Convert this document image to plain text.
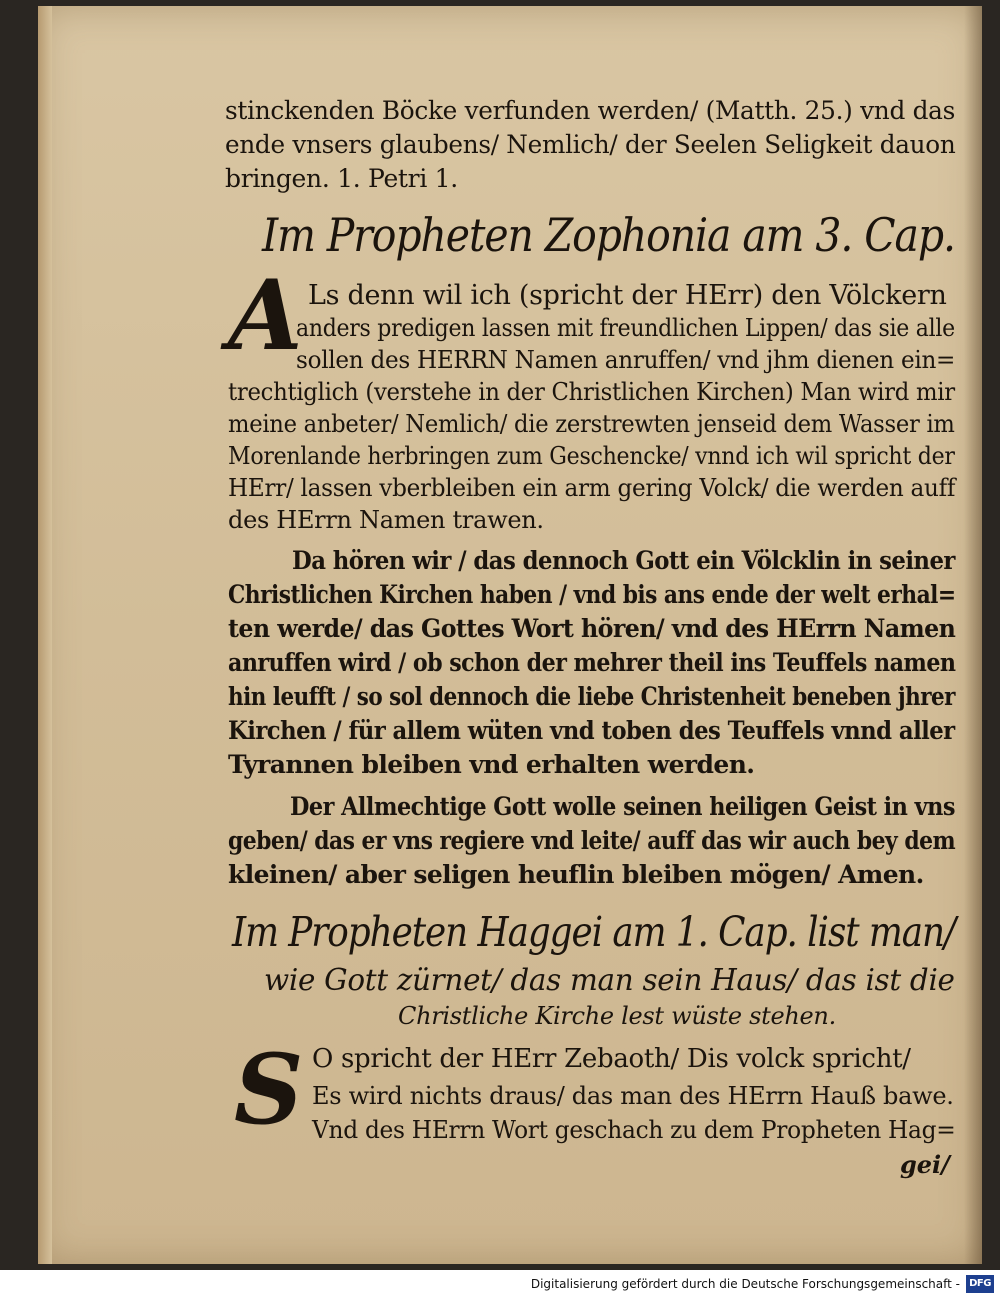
stinckenden Böcke verfunden werden/ (Matth. 25.) vnd das
ende vnsers glaubens/ Nemlich/ der Seelen Seligkeit dauon
bringen. 1. Petri 1.
Im Propheten Zophonia am 3. Cap.
A Ls denn wil ich (spricht der HErr) den Völckern
anders predigen lassen mit freundlichen Lippen/ das sie alle
sollen des HERRN Namen anruffen/ vnd jhm dienen ein=
trechtiglich (verstehe in der Christlichen Kirchen) Man wird mir
meine anbeter/ Nemlich/ die zerstrewten jenseid dem Wasser im
Morenlande herbringen zum Geschencke/ vnnd ich wil spricht der
HErr/ lassen vberbleiben ein arm gering Volck/ die werden auff
des HErrn Namen trawen.
Da hören wir / das dennoch Gott ein Völcklin in seiner
Christlichen Kirchen haben / vnd bis ans ende der welt erhal=
ten werde/ das Gottes Wort hören/ vnd des HErrn Namen
anruffen wird / ob schon der mehrer theil ins Teuffels namen
hin leufft / so sol dennoch die liebe Christenheit beneben jhrer
Kirchen / für allem wüten vnd toben des Teuffels vnnd aller
Tyrannen bleiben vnd erhalten werden.
Der Allmechtige Gott wolle seinen heiligen Geist in vns
geben/ das er vns regiere vnd leite/ auff das wir auch bey dem
kleinen/ aber seligen heuflin bleiben mögen/ Amen.
Im Propheten Haggei am 1. Cap. list man/
wie Gott zürnet/ das man sein Haus/ das ist die
Christliche Kirche lest wüste stehen.
S O spricht der HErr Zebaoth/ Dis volck spricht/
Es wird nichts draus/ das man des HErrn Hauß bawe.
Vnd des HErrn Wort geschach zu dem Propheten Hag=
gei/
Digitalisierung gefördert durch die Deutsche Forschungsgemeinschaft - DFG
